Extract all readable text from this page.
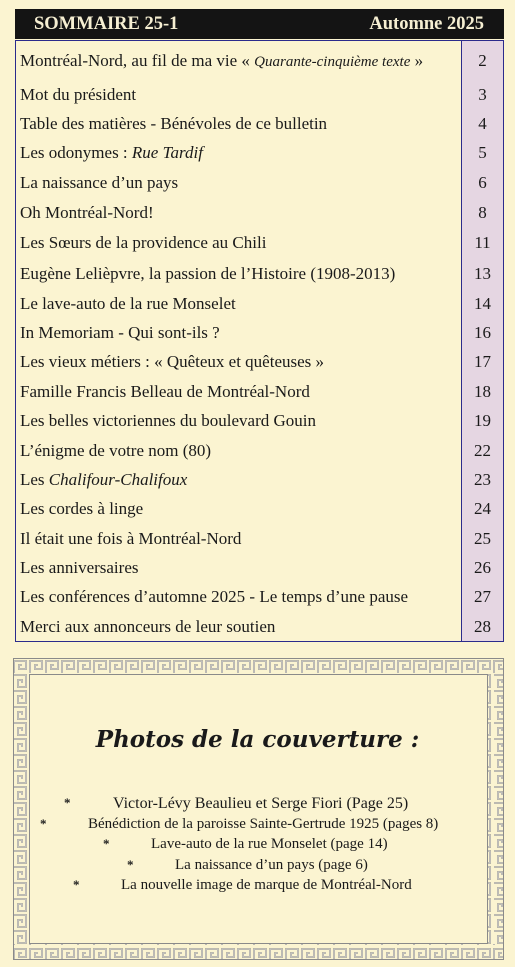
SOMMAIRE 25-1	Automne 2025
Montréal-Nord, au fil de ma vie « Quarante-cinquième texte »	2
Mot du président	3
Table des matières - Bénévoles de ce bulletin	4
Les odonymes : Rue Tardif	5
La naissance d’un pays	6
Oh Montréal-Nord!	8
Les Sœurs de la providence au Chili	11
Eugène Lelièpvre, la passion de l’Histoire (1908-2013)	13
Le lave-auto de la rue Monselet	14
In Memoriam - Qui sont-ils ?	16
Les vieux métiers : « Quêteux et quêteuses »	17
Famille Francis Belleau de Montréal-Nord	18
Les belles victoriennes du boulevard Gouin	19
L’énigme de votre nom (80)	22
Les Chalifour-Chalifoux	23
Les cordes à linge	24
Il était une fois à Montréal-Nord	25
Les anniversaires	26
Les conférences d’automne 2025 - Le temps d’une pause	27
Merci aux annonceurs de leur soutien	28
Photos de la couverture :
*	Victor-Lévy Beaulieu et Serge Fiori (Page 25)
*	Bénédiction de la paroisse Sainte-Gertrude 1925 (pages 8)
*	Lave-auto de la rue Monselet (page 14)
*	La naissance d’un pays (page 6)
*	La nouvelle image de marque de Montréal-Nord
